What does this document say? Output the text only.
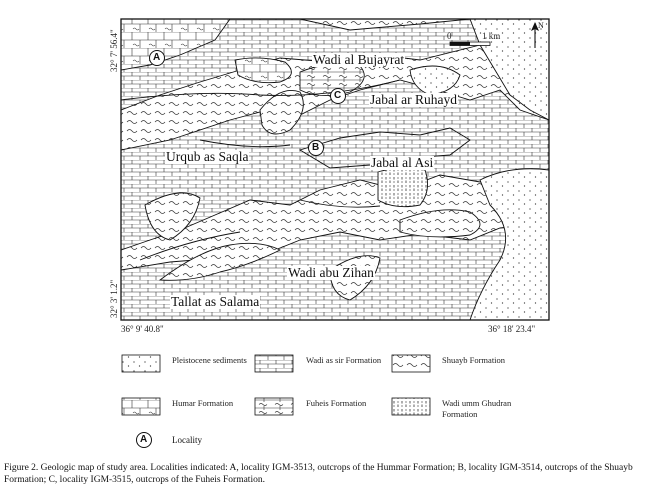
A
B
C
N
0	1 km
32° 7' 56.4"
32° 3' 1.2"
36° 9' 40.8"	36° 18' 23.4"
Wadi al Bujayrat
Jabal ar Ruhayd
Urqub as Saqla	Jabal al Asi
Wadi abu Zihan
Tallat as Salama
Pleistocene sediments	Wadi as sir Formation	Shuayb Formation
Humar Formation	Fuheis Formation	Wadi umm Ghudran Formation
A	Locality
Figure 2. Geologic map of study area. Localities indicated: A, locality IGM-3513, outcrops of the Hummar Formation; B, locality IGM-3514, outcrops of the Shuayb Formation; C, locality IGM-3515, outcrops of the Fuheis Formation.
